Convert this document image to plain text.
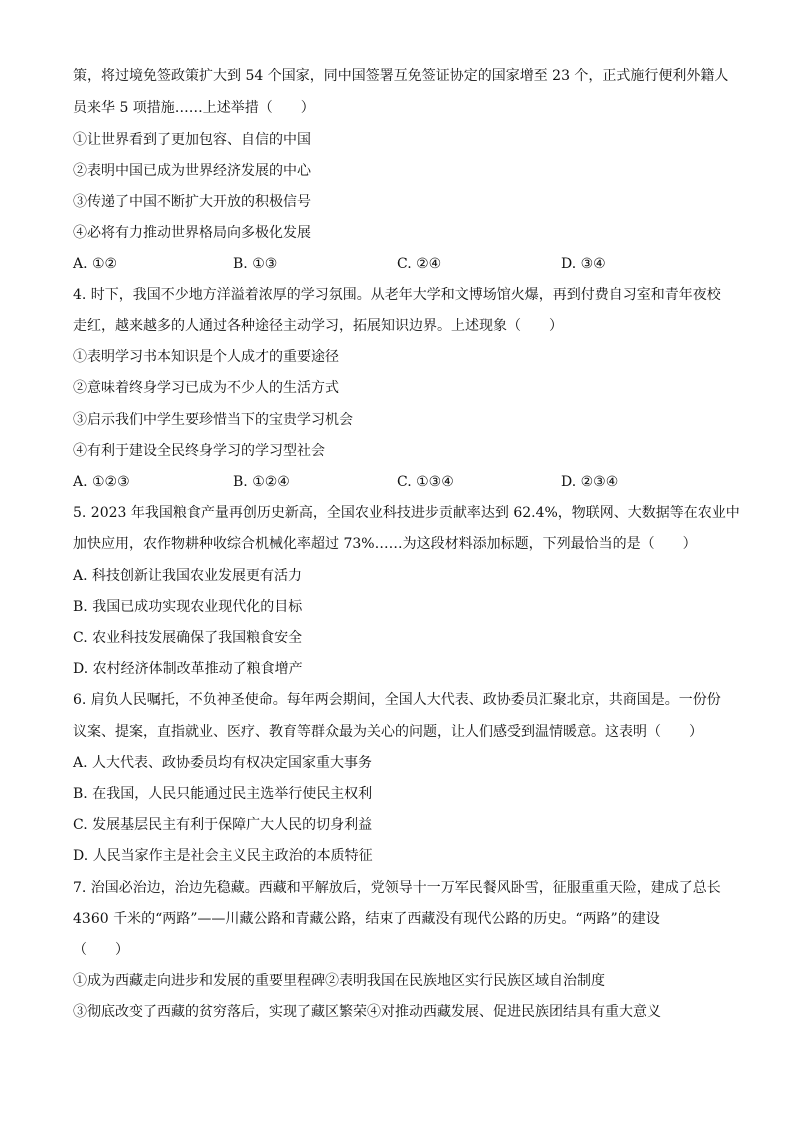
策，将过境免签政策扩大到 54 个国家，同中国签署互免签证协定的国家增至 23 个，正式施行便利外籍人
员来华 5 项措施……上述举措（　　）
①让世界看到了更加包容、自信的中国
②表明中国已成为世界经济发展的中心
③传递了中国不断扩大开放的积极信号
④必将有力推动世界格局向多极化发展
A. ①②	B. ①③	C. ②④	D. ③④
4. 时下，我国不少地方洋溢着浓厚的学习氛围。从老年大学和文博场馆火爆，再到付费自习室和青年夜校
走红，越来越多的人通过各种途径主动学习，拓展知识边界。上述现象（　　）
①表明学习书本知识是个人成才的重要途径
②意味着终身学习已成为不少人的生活方式
③启示我们中学生要珍惜当下的宝贵学习机会
④有利于建设全民终身学习的学习型社会
A. ①②③	B. ①②④	C. ①③④	D. ②③④
5. 2023 年我国粮食产量再创历史新高，全国农业科技进步贡献率达到 62.4%，物联网、大数据等在农业中
加快应用，农作物耕种收综合机械化率超过 73%……为这段材料添加标题，下列最恰当的是（　　）
A. 科技创新让我国农业发展更有活力
B. 我国已成功实现农业现代化的目标
C. 农业科技发展确保了我国粮食安全
D. 农村经济体制改革推动了粮食增产
6. 肩负人民嘱托，不负神圣使命。每年两会期间，全国人大代表、政协委员汇聚北京，共商国是。一份份
议案、提案，直指就业、医疗、教育等群众最为关心的问题，让人们感受到温情暖意。这表明（　　）
A. 人大代表、政协委员均有权决定国家重大事务
B. 在我国，人民只能通过民主选举行使民主权利
C. 发展基层民主有利于保障广大人民的切身利益
D. 人民当家作主是社会主义民主政治的本质特征
7. 治国必治边，治边先稳藏。西藏和平解放后，党领导十一万军民餐风卧雪，征服重重天险，建成了总长
4360 千米的“两路”——川藏公路和青藏公路，结束了西藏没有现代公路的历史。“两路”的建设
（　　）
①成为西藏走向进步和发展的重要里程碑②表明我国在民族地区实行民族区域自治制度
③彻底改变了西藏的贫穷落后，实现了藏区繁荣④对推动西藏发展、促进民族团结具有重大意义
